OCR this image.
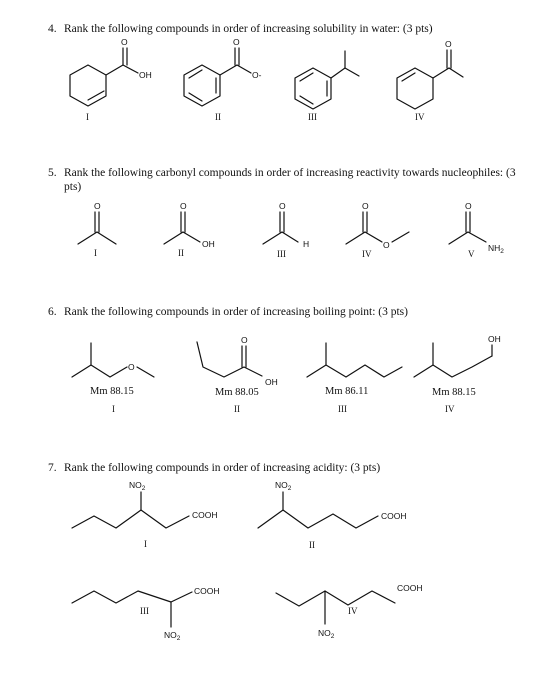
4. Rank the following compounds in order of increasing solubility in water: (3 pts)
5. Rank the following carbonyl compounds in order of increasing reactivity towards nucleophiles: (3
pts)
6. Rank the following compounds in order of increasing boiling point: (3 pts)
7. Rank the following compounds in order of increasing acidity: (3 pts)
O
OH
I
O
O-
II	III
O
IV
O
I
O
OH
II
O
H
III
O
O
IV
O
$NH_2$
V
O
Mm 88.15
I
O
OH
Mm 88.05
II
Mm 86.11
III
OH
Mm 88.15
IV
$NO_2$
COOH
I
$NO_2$
COOH
II
COOH
$NO_2$
III
COOH
$NO_2$
IV
